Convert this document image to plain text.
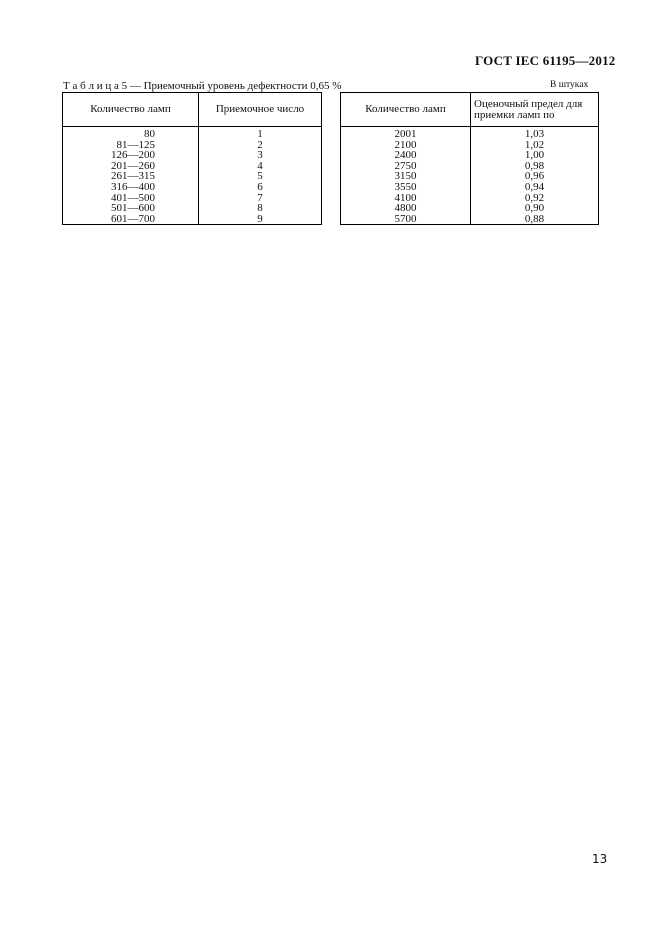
ГОСТ IEC 61195—2012
Т а б л и ц а 5 — Приемочный уровень дефектности 0,65 %	В штуках
Количество ламп	Приемочное число
80	1
81—125	2
126—200	3
201—260	4
261—315	5
316—400	6
401—500	7
501—600	8
601—700	9
Количество ламп	Оценочный предел для приемки ламп по
2001	1,03
2100	1,02
2400	1,00
2750	0,98
3150	0,96
3550	0,94
4100	0,92
4800	0,90
5700	0,88
13
